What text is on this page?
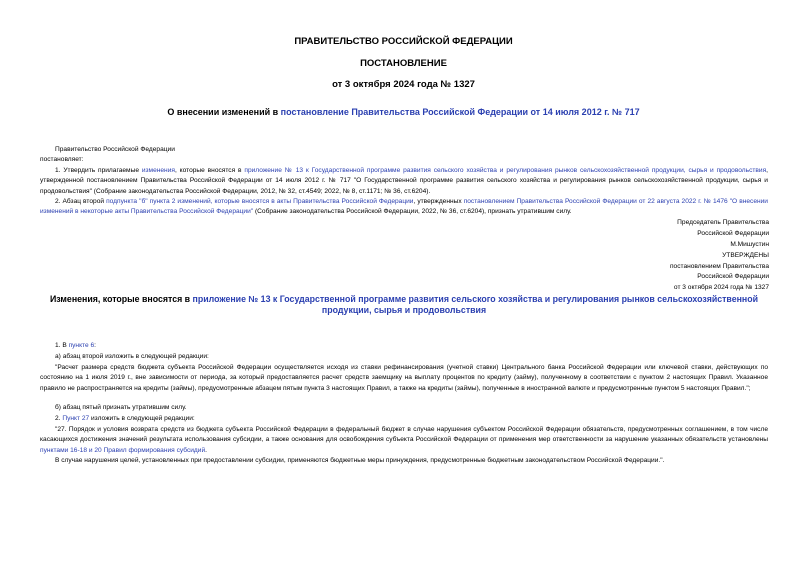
ПРАВИТЕЛЬСТВО РОССИЙСКОЙ ФЕДЕРАЦИИ
ПОСТАНОВЛЕНИЕ
от 3 октября 2024 года № 1327
О внесении изменений в постановление Правительства Российской Федерации от 14 июля 2012 г. № 717
Правительство Российской Федерации
постановляет:
1. Утвердить прилагаемые изменения, которые вносятся в приложение № 13 к Государственной программе развития сельского хозяйства и регулирования рынков сельскохозяйственной продукции, сырья и продовольствия, утвержденной постановлением Правительства Российской Федерации от 14 июля 2012 г. № 717 "О Государственной программе развития сельского хозяйства и регулирования рынков сельскохозяйственной продукции, сырья и продовольствия" (Собрание законодательства Российской Федерации, 2012, № 32, ст.4549; 2022, № 8, ст.1171; № 36, ст.6204).
2. Абзац второй подпункта "б" пункта 2 изменений, которые вносятся в акты Правительства Российской Федерации, утвержденных постановлением Правительства Российской Федерации от 22 августа 2022 г. № 1476 "О внесении изменений в некоторые акты Правительства Российской Федерации" (Собрание законодательства Российской Федерации, 2022, № 36, ст.6204), признать утратившим силу.
Председатель Правительства
Российской Федерации
М.Мишустин
УТВЕРЖДЕНЫ
постановлением Правительства
Российской Федерации
от 3 октября 2024 года № 1327
Изменения, которые вносятся в приложение № 13 к Государственной программе развития сельского хозяйства и регулирования рынков сельскохозяйственной продукции, сырья и продовольствия
1. В пункте 6:
а) абзац второй изложить в следующей редакции:
"Расчет размера средств бюджета субъекта Российской Федерации осуществляется исходя из ставки рефинансирования (учетной ставки) Центрального банка Российской Федерации или ключевой ставки, действующих по состоянию на 1 июля 2019 г., вне зависимости от периода, за который предоставляется расчет средств заемщику на выплату процентов по кредиту (займу), полученному в соответствии с пунктом 2 настоящих Правил. Указанное правило не распространяется на кредиты (займы), предусмотренные абзацем пятым пункта 3 настоящих Правил, а также на кредиты (займы), полученные в иностранной валюте и предусмотренные пунктом 5 настоящих Правил.";
б) абзац пятый признать утратившим силу.
2. Пункт 27 изложить в следующей редакции:
"27. Порядок и условия возврата средств из бюджета субъекта Российской Федерации в федеральный бюджет в случае нарушения субъектом Российской Федерации обязательств, предусмотренных соглашением, в том числе касающихся достижения значений результата использования субсидии, а также основания для освобождения субъекта Российской Федерации от применения мер ответственности за нарушение указанных обязательств установлены пунктами 16-18 и 20 Правил формирования субсидий.
В случае нарушения целей, установленных при предоставлении субсидии, применяются бюджетные меры принуждения, предусмотренные бюджетным законодательством Российской Федерации.".
